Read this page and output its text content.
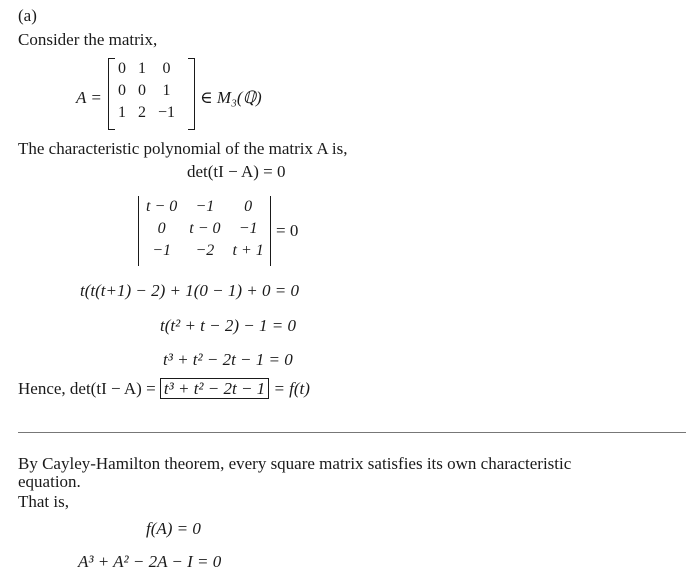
(a)
Consider the matrix,
A =
0	1	0
0	0	1
1	2	−1
∈ M₃(ℚ)
The characteristic polynomial of the matrix A is,
det(tI − A) = 0
t − 0	−1	0
0	t − 0	−1
−1	−2	t + 1
= 0
t(t(t+1) − 2) + 1(0 − 1) + 0 = 0
t(t² + t − 2) − 1 = 0
t³ + t² − 2t − 1 = 0
Hence, det(tI − A) = t³ + t² − 2t − 1 = f(t)
By Cayley-Hamilton theorem, every square matrix satisfies its own characteristic
equation.
That is,
f(A) = 0
A³ + A² − 2A − I = 0
